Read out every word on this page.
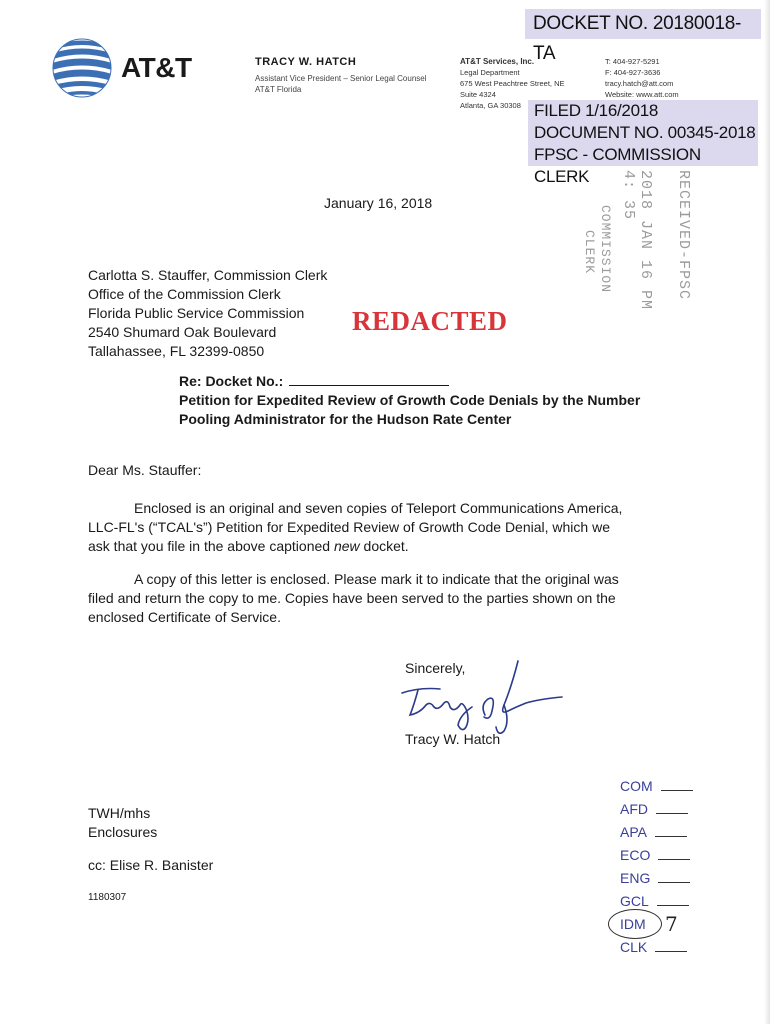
DOCKET NO. 20180018-TA
FILED 1/16/2018
DOCUMENT NO. 00345-2018
FPSC - COMMISSION CLERK
AT&T	TRACY W. HATCH
Assistant Vice President – Senior Legal Counsel
AT&T Florida
AT&T Services, Inc.
Legal Department
675 West Peachtree Street, NE
Suite 4324
Atlanta, GA 30308
T: 404-927-5291
F: 404-927-3636
tracy.hatch@att.com
Website: www.att.com
RECEIVED-FPSC
2018 JAN 16 PM 4: 35
COMMISSION
CLERK
January 16, 2018
Carlotta S. Stauffer, Commission Clerk
Office of the Commission Clerk
Florida Public Service Commission
2540 Shumard Oak Boulevard
Tallahassee, FL 32399-0850
REDACTED
Re: Docket No.:
Petition for Expedited Review of Growth Code Denials by the Number
Pooling Administrator for the Hudson Rate Center
Dear Ms. Stauffer:
Enclosed is an original and seven copies of Teleport Communications America,
LLC-FL's (“TCAL's”) Petition for Expedited Review of Growth Code Denial, which we
ask that you file in the above captioned new docket.
A copy of this letter is enclosed. Please mark it to indicate that the original was
filed and return the copy to me. Copies have been served to the parties shown on the
enclosed Certificate of Service.
Sincerely,
Tracy W. Hatch
TWH/mhs
Enclosures
cc: Elise R. Banister
1180307
COM
AFD
APA
ECO
ENG
GCL
IDM 7
CLK
